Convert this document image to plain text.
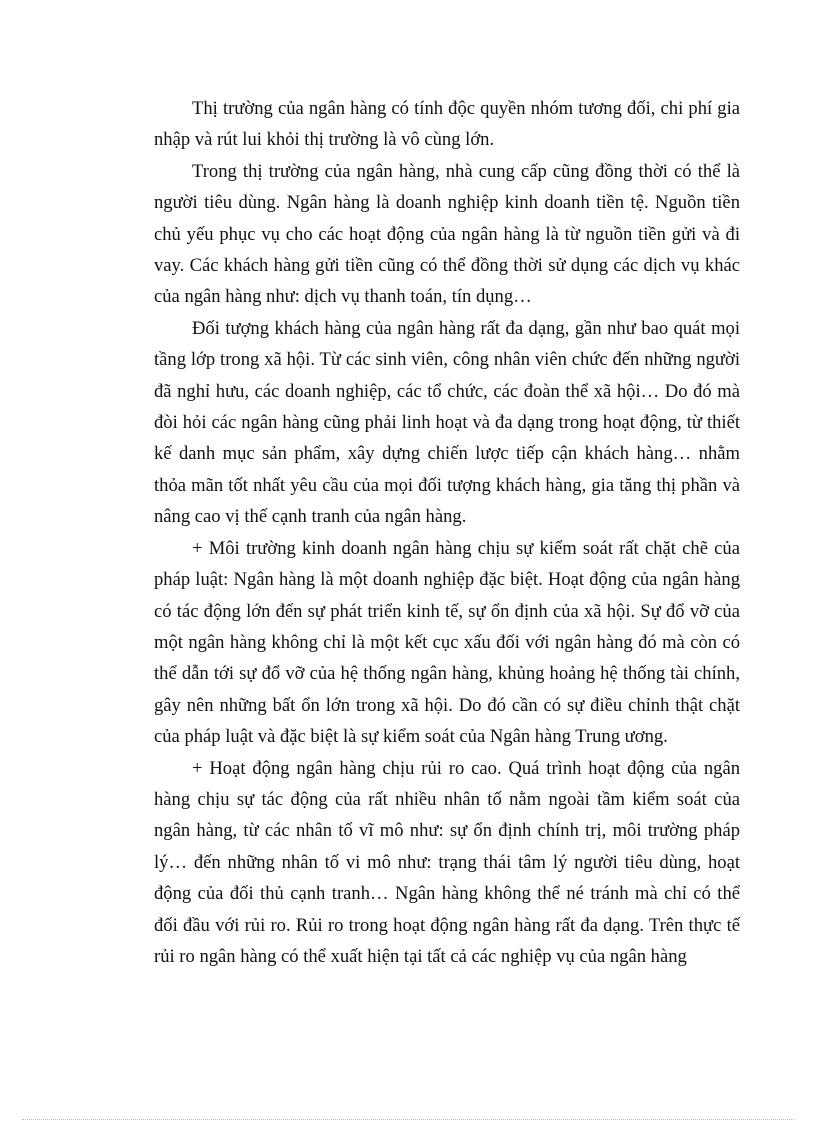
Thị trường của ngân hàng có tính độc quyền nhóm tương đối, chi phí gia nhập và rút lui khỏi thị trường là vô cùng lớn.

Trong thị trường của ngân hàng, nhà cung cấp cũng đồng thời có thể là người tiêu dùng. Ngân hàng là doanh nghiệp kinh doanh tiền tệ. Nguồn tiền chủ yếu phục vụ cho các hoạt động của ngân hàng là từ nguồn tiền gửi và đi vay. Các khách hàng gửi tiền cũng có thể đồng thời sử dụng các dịch vụ khác của ngân hàng như: dịch vụ thanh toán, tín dụng…

Đối tượng khách hàng của ngân hàng rất đa dạng, gần như bao quát mọi tầng lớp trong xã hội. Từ các sinh viên, công nhân viên chức đến những người đã nghỉ hưu, các doanh nghiệp, các tổ chức, các đoàn thể xã hội… Do đó mà đòi hỏi các ngân hàng cũng phải linh hoạt và đa dạng trong hoạt động, từ thiết kế danh mục sản phẩm, xây dựng chiến lược tiếp cận khách hàng… nhằm thỏa mãn tốt nhất yêu cầu của mọi đối tượng khách hàng, gia tăng thị phần và nâng cao vị thế cạnh tranh của ngân hàng.

+ Môi trường kinh doanh ngân hàng chịu sự kiểm soát rất chặt chẽ của pháp luật: Ngân hàng là một doanh nghiệp đặc biệt. Hoạt động của ngân hàng có tác động lớn đến sự phát triển kinh tế, sự ổn định của xã hội. Sự đổ vỡ của một ngân hàng không chỉ là một kết cục xấu đối với ngân hàng đó mà còn có thể dẫn tới sự đổ vỡ của hệ thống ngân hàng, khủng hoảng hệ thống tài chính, gây nên những bất ổn lớn trong xã hội. Do đó cần có sự điều chỉnh thật chặt của pháp luật và đặc biệt là sự kiểm soát của Ngân hàng Trung ương.

+ Hoạt động ngân hàng chịu rủi ro cao. Quá trình hoạt động của ngân hàng chịu sự tác động của rất nhiều nhân tố nằm ngoài tầm kiểm soát của ngân hàng, từ các nhân tố vĩ mô như: sự ổn định chính trị, môi trường pháp lý… đến những nhân tố vi mô như: trạng thái tâm lý người tiêu dùng, hoạt động của đối thủ cạnh tranh… Ngân hàng không thể né tránh mà chỉ có thể đối đầu với rủi ro. Rủi ro trong hoạt động ngân hàng rất đa dạng. Trên thực tế rủi ro ngân hàng có thể xuất hiện tại tất cả các nghiệp vụ của ngân hàng
